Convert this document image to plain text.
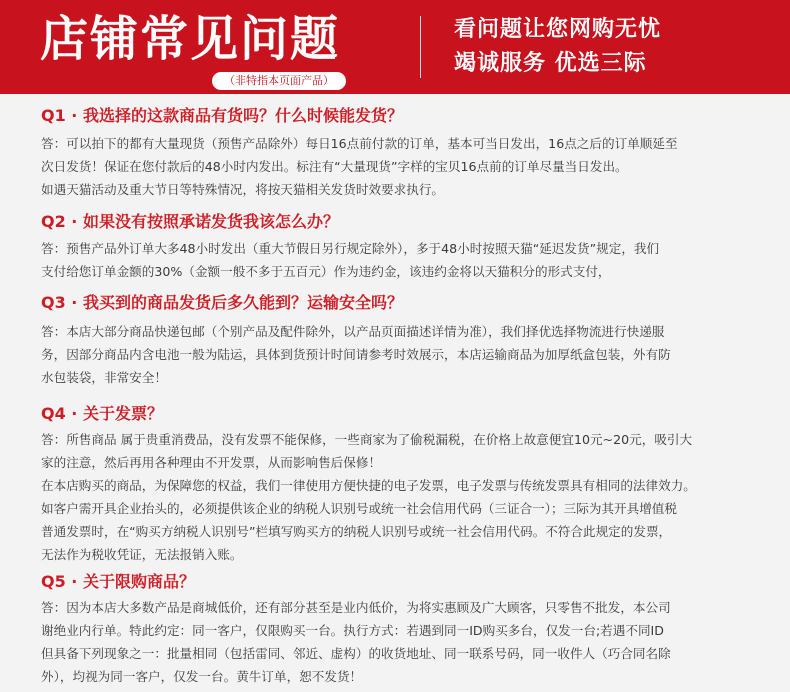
店铺常见问题
（非特指本页面产品）
看问题让您网购无忧
竭诚服务 优选三际
Q1 · 我选择的这款商品有货吗？什么时候能发货？
答：可以拍下的都有大量现货（预售产品除外）每日16点前付款的订单，基本可当日发出，16点之后的订单顺延至
次日发货！保证在您付款后的48小时内发出。标注有“大量现货”字样的宝贝16点前的订单尽量当日发出。
如遇天猫活动及重大节日等特殊情况，将按天猫相关发货时效要求执行。
Q2 · 如果没有按照承诺发货我该怎么办？
答：预售产品外订单大多48小时发出（重大节假日另行规定除外），多于48小时按照天猫“延迟发货”规定，我们
支付给您订单金额的30%（金额一般不多于五百元）作为违约金，该违约金将以天猫积分的形式支付，
Q3 · 我买到的商品发货后多久能到？运输安全吗？
答：本店大部分商品快递包邮（个别产品及配件除外，以产品页面描述详情为准），我们择优选择物流进行快递服
务，因部分商品内含电池一般为陆运，具体到货预计时间请参考时效展示，本店运输商品为加厚纸盒包装，外有防
水包装袋，非常安全！
Q4 · 关于发票？
答：所售商品 属于贵重消费品，没有发票不能保修，一些商家为了偷税漏税，在价格上故意便宜10元~20元，吸引大
家的注意，然后再用各种理由不开发票，从而影响售后保修！
在本店购买的商品，为保障您的权益，我们一律使用方便快捷的电子发票，电子发票与传统发票具有相同的法律效力。
如客户需开具企业抬头的，必须提供该企业的纳税人识别号或统一社会信用代码（三证合一）；三际为其开具增值税
普通发票时，在“购买方纳税人识别号”栏填写购买方的纳税人识别号或统一社会信用代码。不符合此规定的发票，
无法作为税收凭证，无法报销入账。
Q5 · 关于限购商品？
答：因为本店大多数产品是商城低价，还有部分甚至是业内低价，为将实惠顾及广大顾客，只零售不批发，本公司
谢绝业内行单。特此约定：同一客户，仅限购买一台。执行方式：若遇到同一ID购买多台，仅发一台;若遇不同ID
但具备下列现象之一：批量相同（包括雷同、邻近、虚构）的收货地址、同一联系号码，同一收件人（巧合同名除
外），均视为同一客户，仅发一台。黄牛订单，恕不发货！
